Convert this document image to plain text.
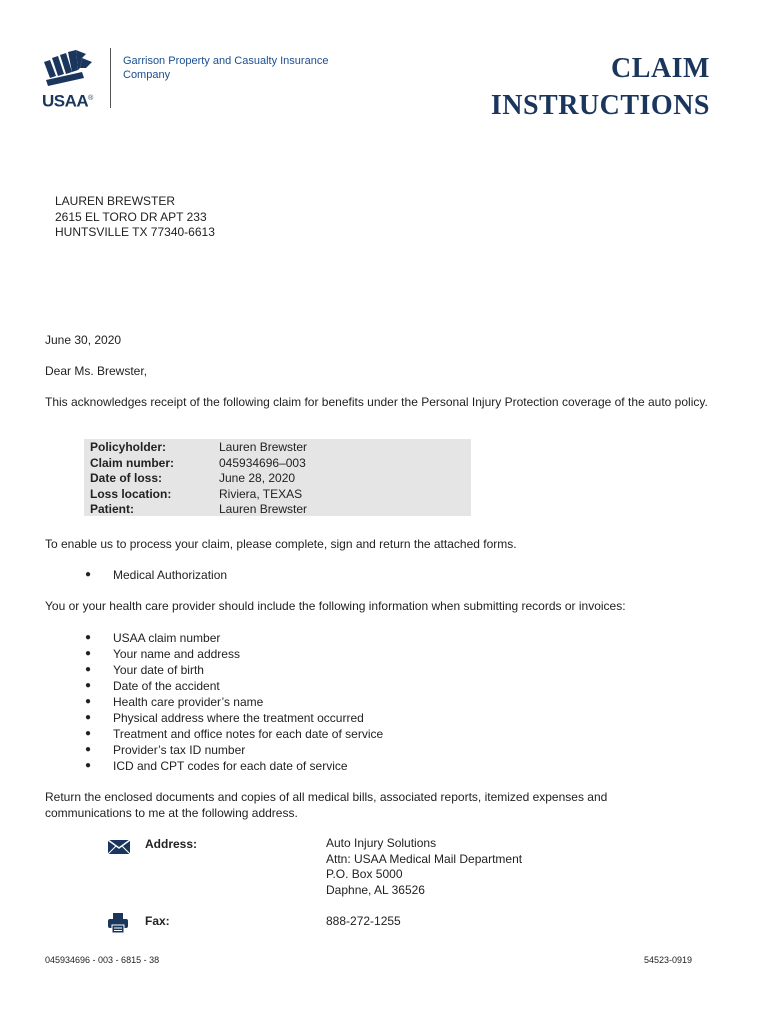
USAA®
Garrison Property and Casualty Insurance Company	CLAIM
INSTRUCTIONS
LAUREN BREWSTER
2615 EL TORO DR APT 233
HUNTSVILLE TX 77340-6613
June 30, 2020
Dear Ms. Brewster,
This acknowledges receipt of the following claim for benefits under the Personal Injury Protection coverage of the auto policy.
Policyholder:	Lauren Brewster
Claim number:	045934696–003
Date of loss:	June 28, 2020
Loss location:	Riviera, TEXAS
Patient:	Lauren Brewster
To enable us to process your claim, please complete, sign and return the attached forms.
● Medical Authorization
You or your health care provider should include the following information when submitting records or invoices:
● USAA claim number
● Your name and address
● Your date of birth
● Date of the accident
● Health care provider’s name
● Physical address where the treatment occurred
● Treatment and office notes for each date of service
● Provider’s tax ID number
● ICD and CPT codes for each date of service
Return the enclosed documents and copies of all medical bills, associated reports, itemized expenses and communications to me at the following address.
Address:	Auto Injury Solutions
Attn: USAA Medical Mail Department
P.O. Box 5000
Daphne, AL 36526
Fax:	888-272-1255
045934696 - 003 - 6815 - 38	54523-0919
